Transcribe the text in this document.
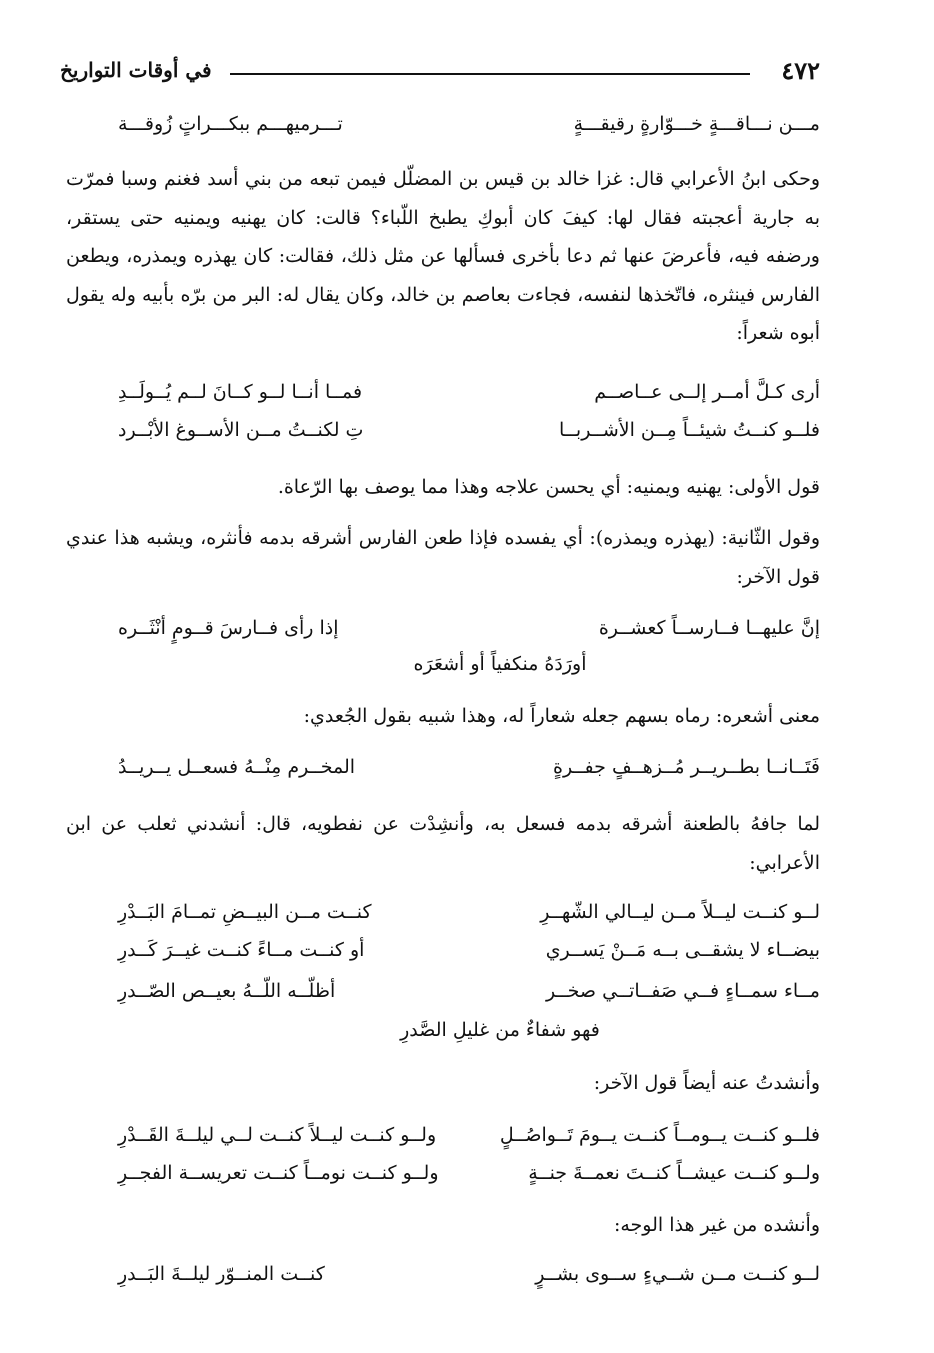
٤٧٢
في أوقات التواريخ
مـــن نـــاقـــةٍ خـــوّارةٍ رقيقـــةٍ
تـــرميهـــم ببكـــراتٍ زُوقـــة
وحكى ابنُ الأعرابي قال: غزا خالد بن قيس بن المضلّل فيمن تبعه من بني أسد فغنم وسبا فمرّت به جارية أعجبته فقال لها: كيفَ كان أبوكِ يطبخ اللّباء؟ قالت: كان يهنيه ويمنيه حتى يستقر، ورضفه فيه، فأعرضَ عنها ثم دعا بأخرى فسألها عن مثل ذلك، فقالت: كان يهذره ويمذره، ويطعن الفارس فينثره، فاتّخذها لنفسه، فجاءت بعاصم بن خالد، وكان يقال له: البر من برّه بأبيه وله يقول أبوه شعراً:
أرى كـلَّ أمــر إلــى عــاصــم
فمــا أنــا لــو كــانَ لــم يُــولَــدِ
فلــو كنــتُ شيئــاً مِــن الأشــربــا
تِ لكنــتُ مــن الأســوغ الأبْــرد
قول الأولى: يهنيه ويمنيه: أي يحسن علاجه وهذا مما يوصف بها الرّعاة.
وقول الثّانية: (يهذره ويمذره): أي يفسده فإذا طعن الفارس أشرقه بدمه فأنثره، ويشبه هذا عندي قول الآخر:
إنَّ عليهــا فــارســاً كعشــرة
إذا رأى فــارسَ قــومٍ أنْثَــره
أورَدَهُ منكفياً أو أشعَرَه
معنى أشعره: رماه بسهم جعله شعاراً له، وهذا شبيه بقول الجُعدي:
فَتَــانــا بطــريــر مُــزهــفٍ جفــرةٍ
المخــرم مِنْــهُ فسعــل يــريــدُ
لما جافهُ بالطعنة أشرقه بدمه فسعل به، وأنشِدْت عن نفطويه، قال: أنشدني ثعلب عن ابن الأعرابي:
لــو كنــت ليــلاً مــن ليــالي الشّهــرِ
كنــت مــن البيــضِ تمــامَ البَــدْرِ
بيضــاء لا يشقــى بــه مَــنْ يَســري
أو كنــت مــاءً كنــت غيــرَ كَــدرِ
مــاء سمــاءٍ فــي صَفــاتــي صخــر
أظلّــه اللّــهُ بعيــص الصّــدرِ
فهو شفاءٌ من غليلِ الصَّدرِ
وأنشدتُ عنه أيضاً قول الآخر:
فلــو كنــت يــومــاً كنــت يــومَ تَــواصُــلٍ
ولــو كنــت ليــلاً كنــت لــي ليلــةَ القَــدْرِ
ولــو كنــت عيشــاً كنــتَ نعمــةَ جنــةٍ
ولــو كنــت نومــاً كنــت تعريســة الفجــرِ
وأنشده من غير هذا الوجه:
لــو كنــت مــن شــيءٍ ســوى بشــرٍ
كنــت المنــوّر ليلــةَ البَــدرِ
